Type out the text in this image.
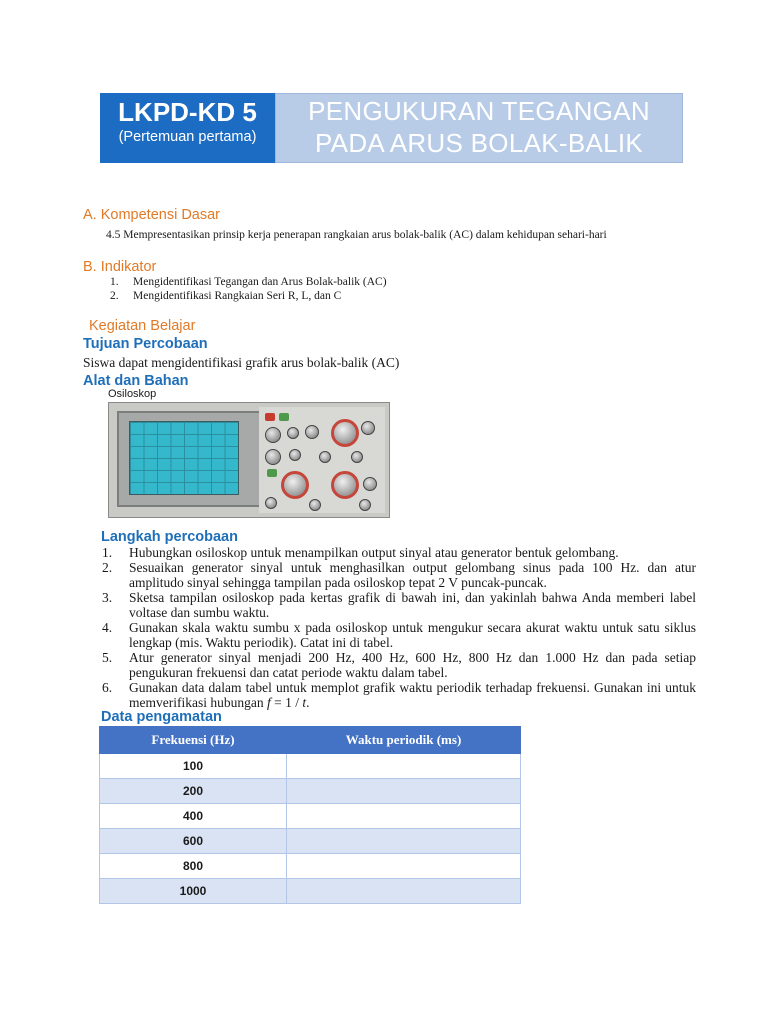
LKPD-KD 5
(Pertemuan pertama)
PENGUKURAN TEGANGAN
PADA ARUS BOLAK-BALIK
A. Kompetensi Dasar
4.5 Mempresentasikan prinsip kerja penerapan rangkaian arus bolak-balik (AC) dalam kehidupan sehari-hari
B. Indikator
1. Mengidentifikasi Tegangan dan Arus Bolak-balik (AC)
2. Mengidentifikasi Rangkaian Seri R, L, dan C
Kegiatan Belajar
Tujuan Percobaan
Siswa dapat mengidentifikasi grafik arus bolak-balik (AC)
Alat dan Bahan
Osiloskop
Langkah percobaan
1.	Hubungkan osiloskop untuk menampilkan output sinyal atau generator bentuk gelombang.
2.	Sesuaikan generator sinyal untuk menghasilkan output gelombang sinus pada 100 Hz. dan atur amplitudo sinyal sehingga tampilan pada osiloskop tepat 2 V puncak-puncak.
3.	Sketsa tampilan osiloskop pada kertas grafik di bawah ini, dan yakinlah bahwa Anda memberi label voltase dan sumbu waktu.
4.	Gunakan skala waktu sumbu x pada osiloskop untuk mengukur secara akurat waktu untuk satu siklus lengkap (mis. Waktu periodik). Catat ini di tabel.
5.	Atur generator sinyal menjadi 200 Hz, 400 Hz, 600 Hz, 800 Hz dan 1.000 Hz dan pada setiap pengukuran frekuensi dan catat periode waktu dalam tabel.
6.	Gunakan data dalam tabel untuk memplot grafik waktu periodik terhadap frekuensi. Gunakan ini untuk memverifikasi hubungan f = 1 / t.
Data pengamatan
Frekuensi (Hz)	Waktu periodik (ms)
100	
200	
400	
600	
800	
1000	
